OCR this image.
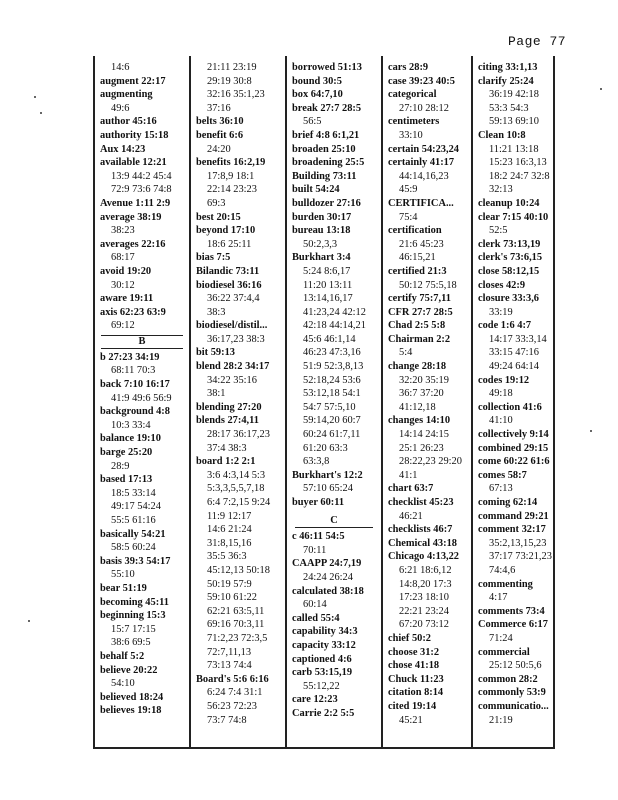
Page 77
14:6
augment 22:17
augmenting
49:6
author 45:16
authority 15:18
Aux 14:23
available 12:21
13:9 44:2 45:4
72:9 73:6 74:8
Avenue 1:11 2:9
average 38:19
38:23
averages 22:16
68:17
avoid 19:20
30:12
aware 19:11
axis 62:23 63:9
69:12
B
b 27:23 34:19
68:11 70:3
back 7:10 16:17
41:9 49:6 56:9
background 4:8
10:3 33:4
balance 19:10
barge 25:20
28:9
based 17:13
18:5 33:14
49:17 54:24
55:5 61:16
basically 54:21
58:5 60:24
basis 39:3 54:17
55:10
bear 51:19
becoming 45:11
beginning 15:3
15:7 17:15
38:6 69:5
behalf 5:2
believe 20:22
54:10
believed 18:24
believes 19:18
21:11 23:19
29:19 30:8
32:16 35:1,23
37:16
belts 36:10
benefit 6:6
24:20
benefits 16:2,19
17:8,9 18:1
22:14 23:23
69:3
best 20:15
beyond 17:10
18:6 25:11
bias 7:5
Bilandic 73:11
biodiesel 36:16
36:22 37:4,4
38:3
biodiesel/distil...
36:17,23 38:3
bit 59:13
blend 28:2 34:17
34:22 35:16
38:1
blending 27:20
blends 27:4,11
28:17 36:17,23
37:4 38:3
board 1:2 2:1
3:6 4:3,14 5:3
5:3,3,5,5,7,18
6:4 7:2,15 9:24
11:9 12:17
14:6 21:24
31:8,15,16
35:5 36:3
45:12,13 50:18
50:19 57:9
59:10 61:22
62:21 63:5,11
69:16 70:3,11
71:2,23 72:3,5
72:7,11,13
73:13 74:4
Board's 5:6 6:16
6:24 7:4 31:1
56:23 72:23
73:7 74:8
borrowed 51:13
bound 30:5
box 64:7,10
break 27:7 28:5
56:5
brief 4:8 6:1,21
broaden 25:10
broadening 25:5
Building 73:11
built 54:24
bulldozer 27:16
burden 30:17
bureau 13:18
50:2,3,3
Burkhart 3:4
5:24 8:6,17
11:20 13:11
13:14,16,17
41:23,24 42:12
42:18 44:14,21
45:6 46:1,14
46:23 47:3,16
51:9 52:3,8,13
52:18,24 53:6
53:12,18 54:1
54:7 57:5,10
59:14,20 60:7
60:24 61:7,11
61:20 63:3
63:3,8
Burkhart's 12:2
57:10 65:24
buyer 60:11
C
c 46:11 54:5
70:11
CAAPP 24:7,19
24:24 26:24
calculated 38:18
60:14
called 55:4
capability 34:3
capacity 33:12
captioned 4:6
carb 53:15,19
55:12,22
care 12:23
Carrie 2:2 5:5
cars 28:9
case 39:23 40:5
categorical
27:10 28:12
centimeters
33:10
certain 54:23,24
certainly 41:17
44:14,16,23
45:9
CERTIFICA...
75:4
certification
21:6 45:23
46:15,21
certified 21:3
50:12 75:5,18
certify 75:7,11
CFR 27:7 28:5
Chad 2:5 5:8
Chairman 2:2
5:4
change 28:18
32:20 35:19
36:7 37:20
41:12,18
changes 14:10
14:14 24:15
25:1 26:23
28:22,23 29:20
41:1
chart 63:7
checklist 45:23
46:21
checklists 46:7
Chemical 43:18
Chicago 4:13,22
6:21 18:6,12
14:8,20 17:3
17:23 18:10
22:21 23:24
67:20 73:12
chief 50:2
choose 31:2
chose 41:18
Chuck 11:23
citation 8:14
cited 19:14
45:21
citing 33:1,13
clarify 25:24
36:19 42:18
53:3 54:3
59:13 69:10
Clean 10:8
11:21 13:18
15:23 16:3,13
18:2 24:7 32:8
32:13
cleanup 10:24
clear 7:15 40:10
52:5
clerk 73:13,19
clerk's 73:6,15
close 58:12,15
closes 42:9
closure 33:3,6
33:19
code 1:6 4:7
14:17 33:3,14
33:15 47:16
49:24 64:14
codes 19:12
49:18
collection 41:6
41:10
collectively 9:14
combined 29:15
come 60:22 61:6
comes 58:7
67:13
coming 62:14
command 29:21
comment 32:17
35:2,13,15,23
37:17 73:21,23
74:4,6
commenting
4:17
comments 73:4
Commerce 6:17
71:24
commercial
25:12 50:5,6
common 28:2
commonly 53:9
communicatio...
21:19
